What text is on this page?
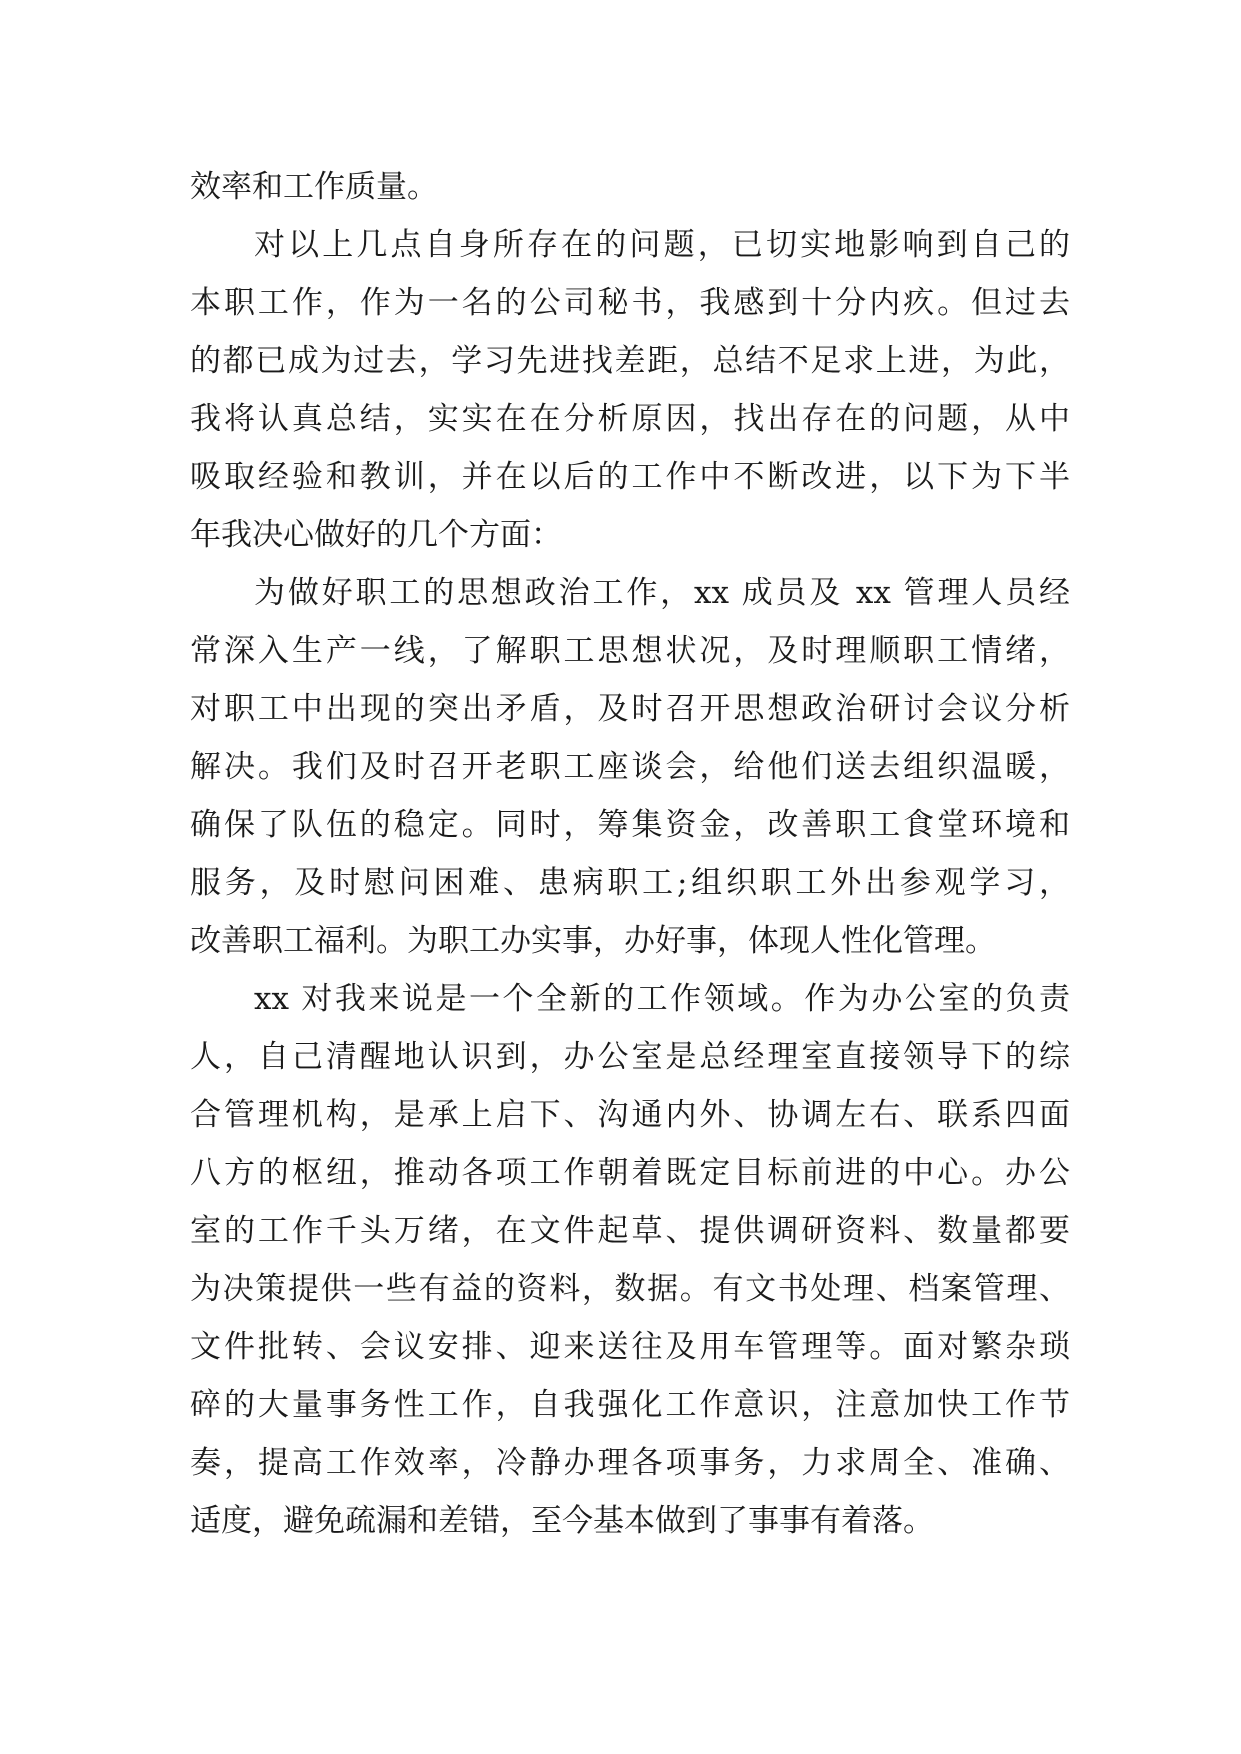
效率和工作质量。
对以上几点自身所存在的问题，已切实地影响到自己的
本职工作，作为一名的公司秘书，我感到十分内疚。但过去
的都已成为过去，学习先进找差距，总结不足求上进，为此，
我将认真总结，实实在在分析原因，找出存在的问题，从中
吸取经验和教训，并在以后的工作中不断改进，以下为下半
年我决心做好的几个方面：
为做好职工的思想政治工作，xx 成员及 xx 管理人员经
常深入生产一线，了解职工思想状况，及时理顺职工情绪，
对职工中出现的突出矛盾，及时召开思想政治研讨会议分析
解决。我们及时召开老职工座谈会，给他们送去组织温暖，
确保了队伍的稳定。同时，筹集资金，改善职工食堂环境和
服务，及时慰问困难、患病职工;组织职工外出参观学习，
改善职工福利。为职工办实事，办好事，体现人性化管理。
xx 对我来说是一个全新的工作领域。作为办公室的负责
人，自己清醒地认识到，办公室是总经理室直接领导下的综
合管理机构，是承上启下、沟通内外、协调左右、联系四面
八方的枢纽，推动各项工作朝着既定目标前进的中心。办公
室的工作千头万绪，在文件起草、提供调研资料、数量都要
为决策提供一些有益的资料，数据。有文书处理、档案管理、
文件批转、会议安排、迎来送往及用车管理等。面对繁杂琐
碎的大量事务性工作，自我强化工作意识，注意加快工作节
奏，提高工作效率，冷静办理各项事务，力求周全、准确、
适度，避免疏漏和差错，至今基本做到了事事有着落。
